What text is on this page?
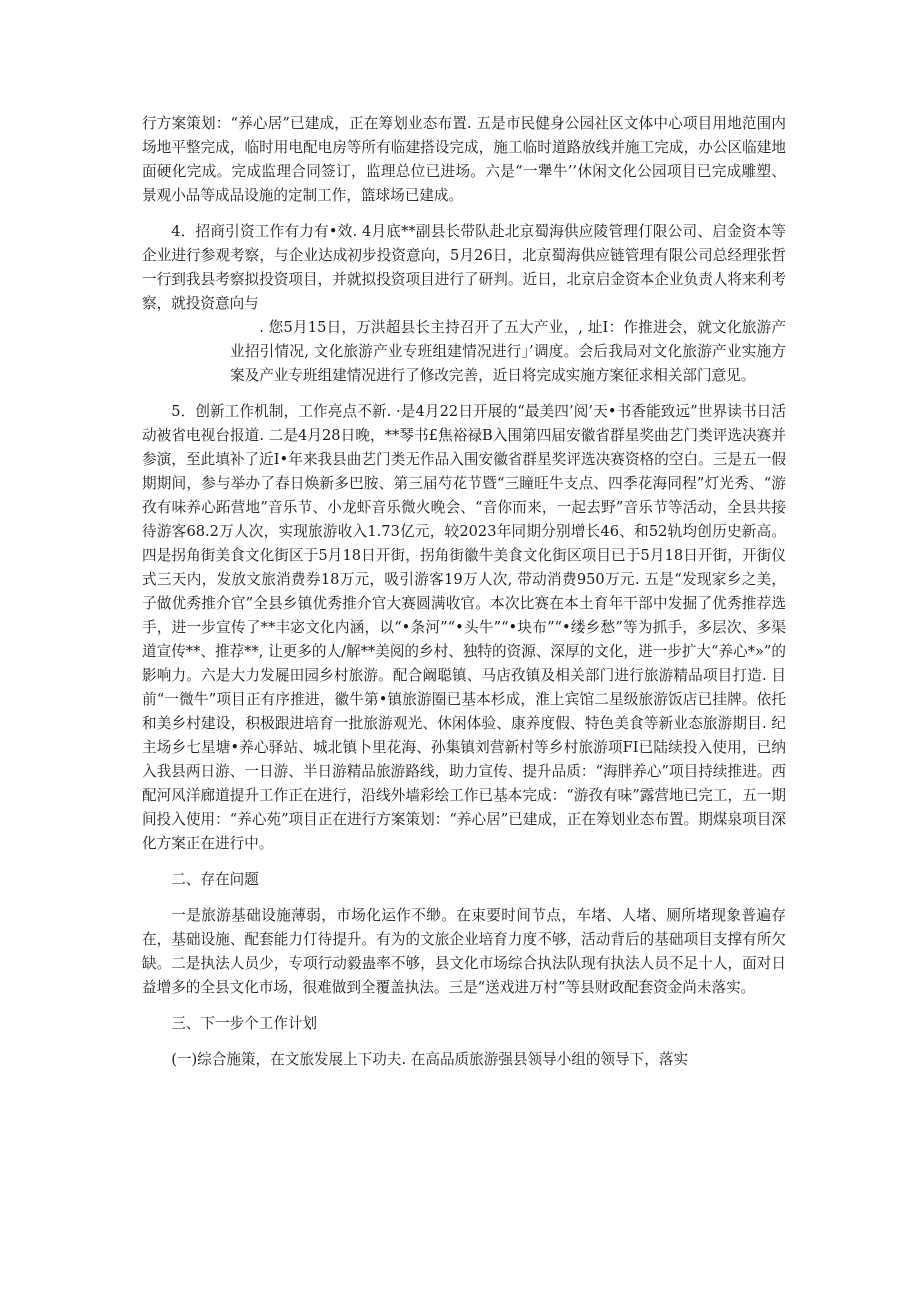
行方案策划：“养心居”已建成，正在筹划业态布置. 五是市民健身公园社区文体中心项目用地范围内场地平整完成，临时用电配电房等所有临建搭设完成，施工临时道路放线并施工完成，办公区临建地面硬化完成。完成监理合同签订，监理总位已进场。六是“一犟牛’’休闲文化公园项目已完成雕塑、景观小品等成品设施的定制工作，篮球场已建成。

4．招商引资工作有力有•效. 4月底**副县长带队赴北京蜀海供应陵管理仃限公司、启金资本等企业进行参观考察，与企业达成初步投资意向，5月26日，北京蜀海供应链管理有限公司总经理张哲一行到我县考察拟投资项目，并就拟投资项目进行了研判。近日，北京启金资本企业负责人将来利考察，就投资意向与
. 您5月15日，万洪超县长主持召开了五大产业，, 址I：作推进会，就文化旅游产业招引情况, 文化旅游产业专班组建情况进行」’调度。会后我局对文化旅游产业实施方案及产业专班组建情况进行了修改完善，近日将完成实施方案征求相关部门意见。

5．创新工作机制，工作亮点不新. ·是4月22日开展的“最美四’阅’天•书香能致远”世界读书日活动被省电视台报道. 二是4月28日晚，**琴书£焦裕禄B入围第四届安徽省群星奖曲艺门类评选决赛并参演，至此填补了近I•年来我县曲艺门类无作品入围安徽省群星奖评选决赛资格的空白。三是五一假期期间，参与举办了春日焕新多巴胺、第三届芍花节暨“三瞳旺牛支点、四季花海同程”灯光秀、“游孜有味养心跖营地”音乐节、小龙虾音乐微火晚会、“音你而来，一起去野”音乐节等活动，全县共接待游客68.2万人次，实现旅游收入1.73亿元，较2023年同期分别增长46、和52轨均创历史新高。四是拐角街美食文化街区于5月18日开街，拐角街徽牛美食文化街区项目已于5月18日开街，开街仪式三天内，发放文旅消费券18万元，吸引游客19万人次, 带动消费950万元. 五是“发现家乡之美，子做优秀推介官”全县乡镇优秀推介官大赛圆满收官。本次比赛在本土育年干部中发掘了优秀推荐选手，进一步宣传了**丰宓文化内涵，以“•条河”“•头牛”“•块布”“•缕乡愁”等为抓手，多层次、多渠道宣传**、推荐**, 让更多的人/解**美阅的乡村、独特的资源、深厚的文化，进一步扩大“养心*»”的影响力。六是大力发屣田园乡村旅游。配合阚聪镇、马店孜镇及相关部门进行旅游精品项目打造. 目前“一微牛”项目正有序推进，徽牛第•镇旅游圈已基本杉成，淮上宾馆二星级旅游饭店已挂牌。依托和美乡村建设，积极跟进培育一批旅游观光、休闲体验、康养度假、特色美食等新业态旅游期目. 纪主场乡七星塘•养心驿站、城北镇卜里花海、孙集镇刘营新村等乡村旅游项FI已陆续投入使用，已纳入我县两日游、一日游、半日游精品旅游路线，助力宣传、提升品质：“海胖养心”项目持续推进。西配河风洋廊道提升工作正在进行，沿线外墙彩绘工作已基本完成：“游孜有味”露营地已完工，五一期间投入使用：“养心苑”项目正在进行方案策划：“养心居”已建成，正在筹划业态布置。期煤泉项目深化方案正在进行中。

二、存在问题

一是旅游基础设施薄弱，市场化运作不缈。在束要时间节点，车堵、人堵、厕所堵现象普遍存在，基础设施、配套能力仃待提升。有为的文旅企业培育力度不够，活动背后的基础项目支撑有所欠缺。二是执法人员少，专项行动毅蛊率不够，县文化市场综合执法队现有执法人员不足十人，面对日益增多的全县文化市场，很难做到全覆盖执法。三是“送戏进万村”等县财政配套资金尚未落实。

三、下一步个工作计划

(一)综合施策，在文旅发展上下功夫. 在高品质旅游强县领导小组的领导下，落实
